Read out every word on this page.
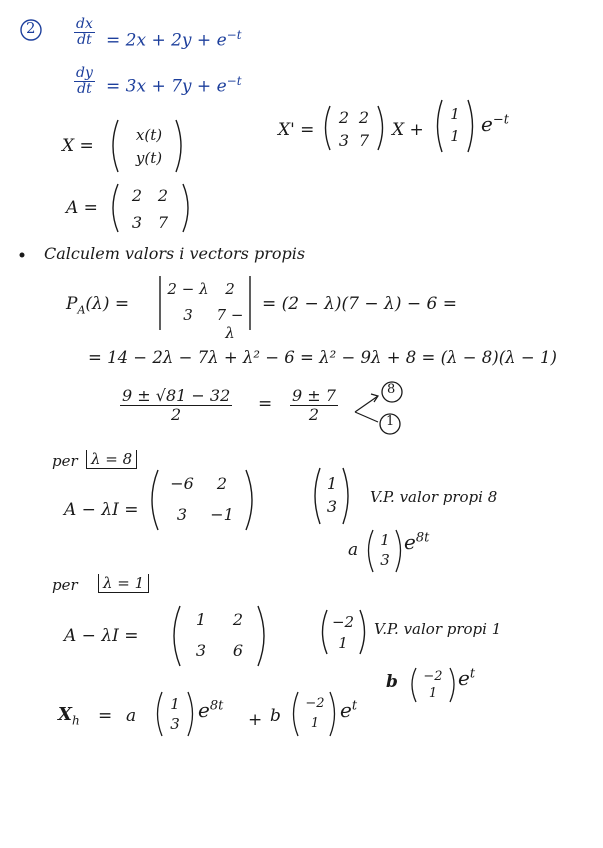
2	$\frac{dx}{dt} = 2x + 2y + e^{-t}$
$\frac{dy}{dt} = 3x + 7y + e^{-t}$
X =
x(t)
y(t)
X' =
2 2
3 7
X +
1
1 $e^{-t}$
A =
2 2
3 7
Calculem valors i vectors propis
$P_A(\lambda)$ =
2 − λ	2
3	7 − λ
= (2 − λ)(7 − λ) − 6 =
= 14 − 2λ − 7λ + λ² − 6 = λ² − 9λ + 8 = (λ − 8)(λ − 1)
$\frac{9 \pm √81 - 32}{2} = \frac{9 \pm 7}{2}$	8
1
per λ = 8
A − λI =
−6	2
3	−1
1
3
V.P. valor propi 8
a 1
3
$e^{8t}$
per	λ = 1
A − λI =
1	2
3	6
−2
1
V.P. valor propi 1
b −2
1
$e^t$
$X_h = a$
1
3
$e^{8t}$
+ b
−2
1
$e^t$
